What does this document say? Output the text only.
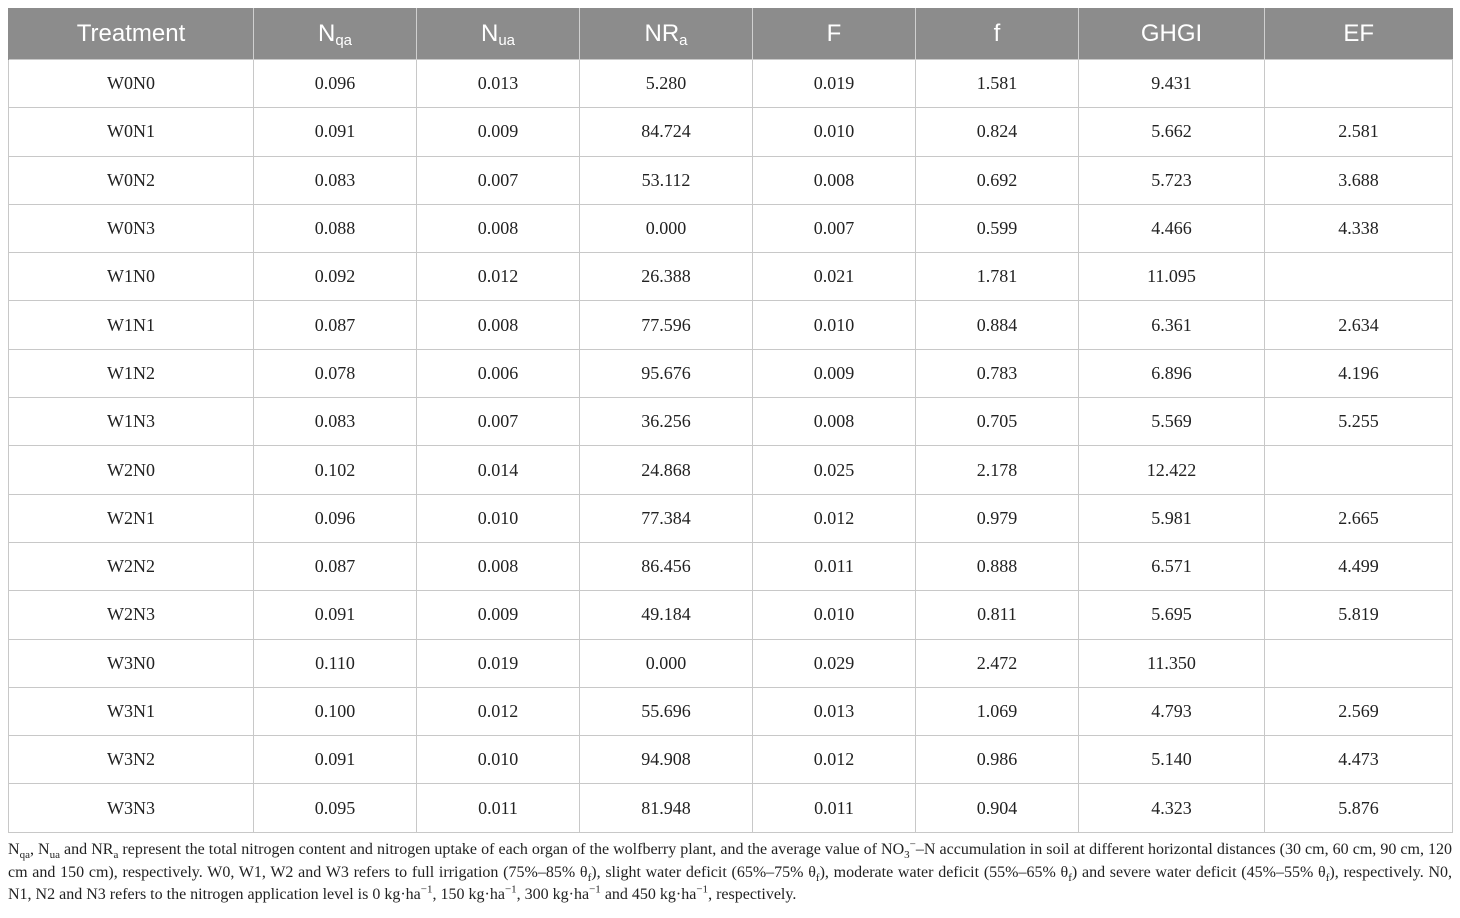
Treatment	$N_{qa}$	$N_{ua}$	$NR_a$	F	f	GHGI	EF
W0N0	0.096	0.013	5.280	0.019	1.581	9.431	
W0N1	0.091	0.009	84.724	0.010	0.824	5.662	2.581
W0N2	0.083	0.007	53.112	0.008	0.692	5.723	3.688
W0N3	0.088	0.008	0.000	0.007	0.599	4.466	4.338
W1N0	0.092	0.012	26.388	0.021	1.781	11.095	
W1N1	0.087	0.008	77.596	0.010	0.884	6.361	2.634
W1N2	0.078	0.006	95.676	0.009	0.783	6.896	4.196
W1N3	0.083	0.007	36.256	0.008	0.705	5.569	5.255
W2N0	0.102	0.014	24.868	0.025	2.178	12.422	
W2N1	0.096	0.010	77.384	0.012	0.979	5.981	2.665
W2N2	0.087	0.008	86.456	0.011	0.888	6.571	4.499
W2N3	0.091	0.009	49.184	0.010	0.811	5.695	5.819
W3N0	0.110	0.019	0.000	0.029	2.472	11.350	
W3N1	0.100	0.012	55.696	0.013	1.069	4.793	2.569
W3N2	0.091	0.010	94.908	0.012	0.986	5.140	4.473
W3N3	0.095	0.011	81.948	0.011	0.904	4.323	5.876
$N_{qa}$, $N_{ua}$ and $NR_a$ represent the total nitrogen content and nitrogen uptake of each organ of the wolfberry plant, and the average value of $NO_3^--N$ accumulation in soil at different horizontal distances (30 cm, 60 cm, 90 cm, 120 cm and 150 cm), respectively. W0, W1, W2 and W3 refers to full irrigation (75%–85% $\theta_f$), slight water deficit (65%–75% $\theta_f$), moderate water deficit (55%–65% $\theta_f$) and severe water deficit (45%–55% $\theta_f$), respectively. N0, N1, N2 and N3 refers to the nitrogen application level is 0 $kg\cdot ha^{-1}$, 150 $kg\cdot ha^{-1}$, 300 $kg\cdot ha^{-1}$ and 450 $kg\cdot ha^{-1}$, respectively.
